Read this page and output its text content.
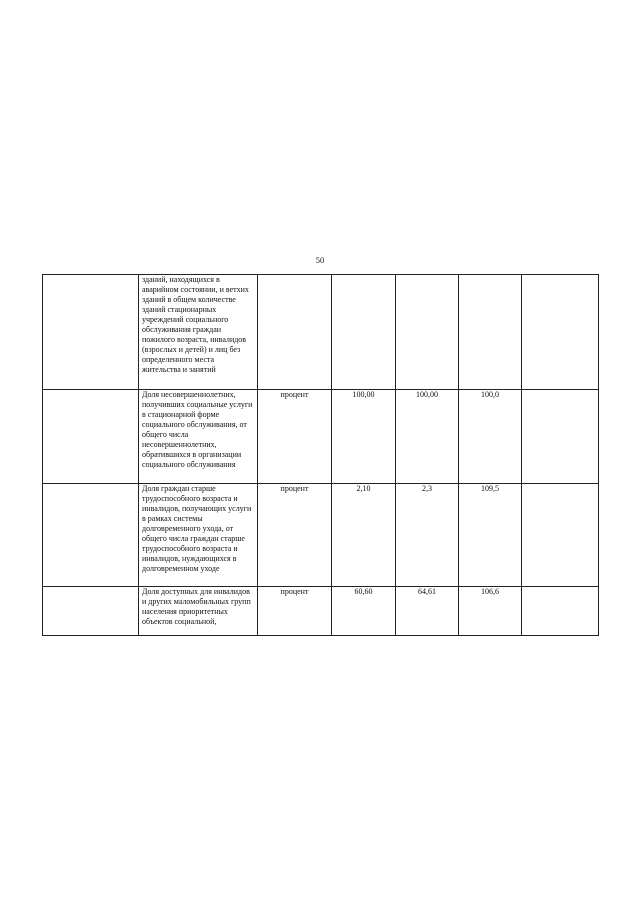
50
	зданий, находящихся в аварийном состоянии, и ветхих зданий в общем количестве зданий стационарных учреждений социального обслуживания граждан пожилого возраста, инвалидов (взрослых и детей) и лиц без определенного места жительства и занятий					
	Доля несовершеннолетних, получивших социальные услуги в стационарной форме социального обслуживания, от общего числа несовершеннолетних, обратившихся в организации социального обслуживания	процент	100,00	100,00	100,0	
	Доля граждан старше трудоспособного возраста и инвалидов, получающих услуги в рамках системы долговременного ухода, от общего числа граждан старше трудоспособного возраста и инвалидов, нуждающихся в долговременном уходе	процент	2,10	2,3	109,5	
	Доля доступных для инвалидов и других маломобильных групп населения приоритетных объектов социальной,	процент	60,60	64,61	106,6	
